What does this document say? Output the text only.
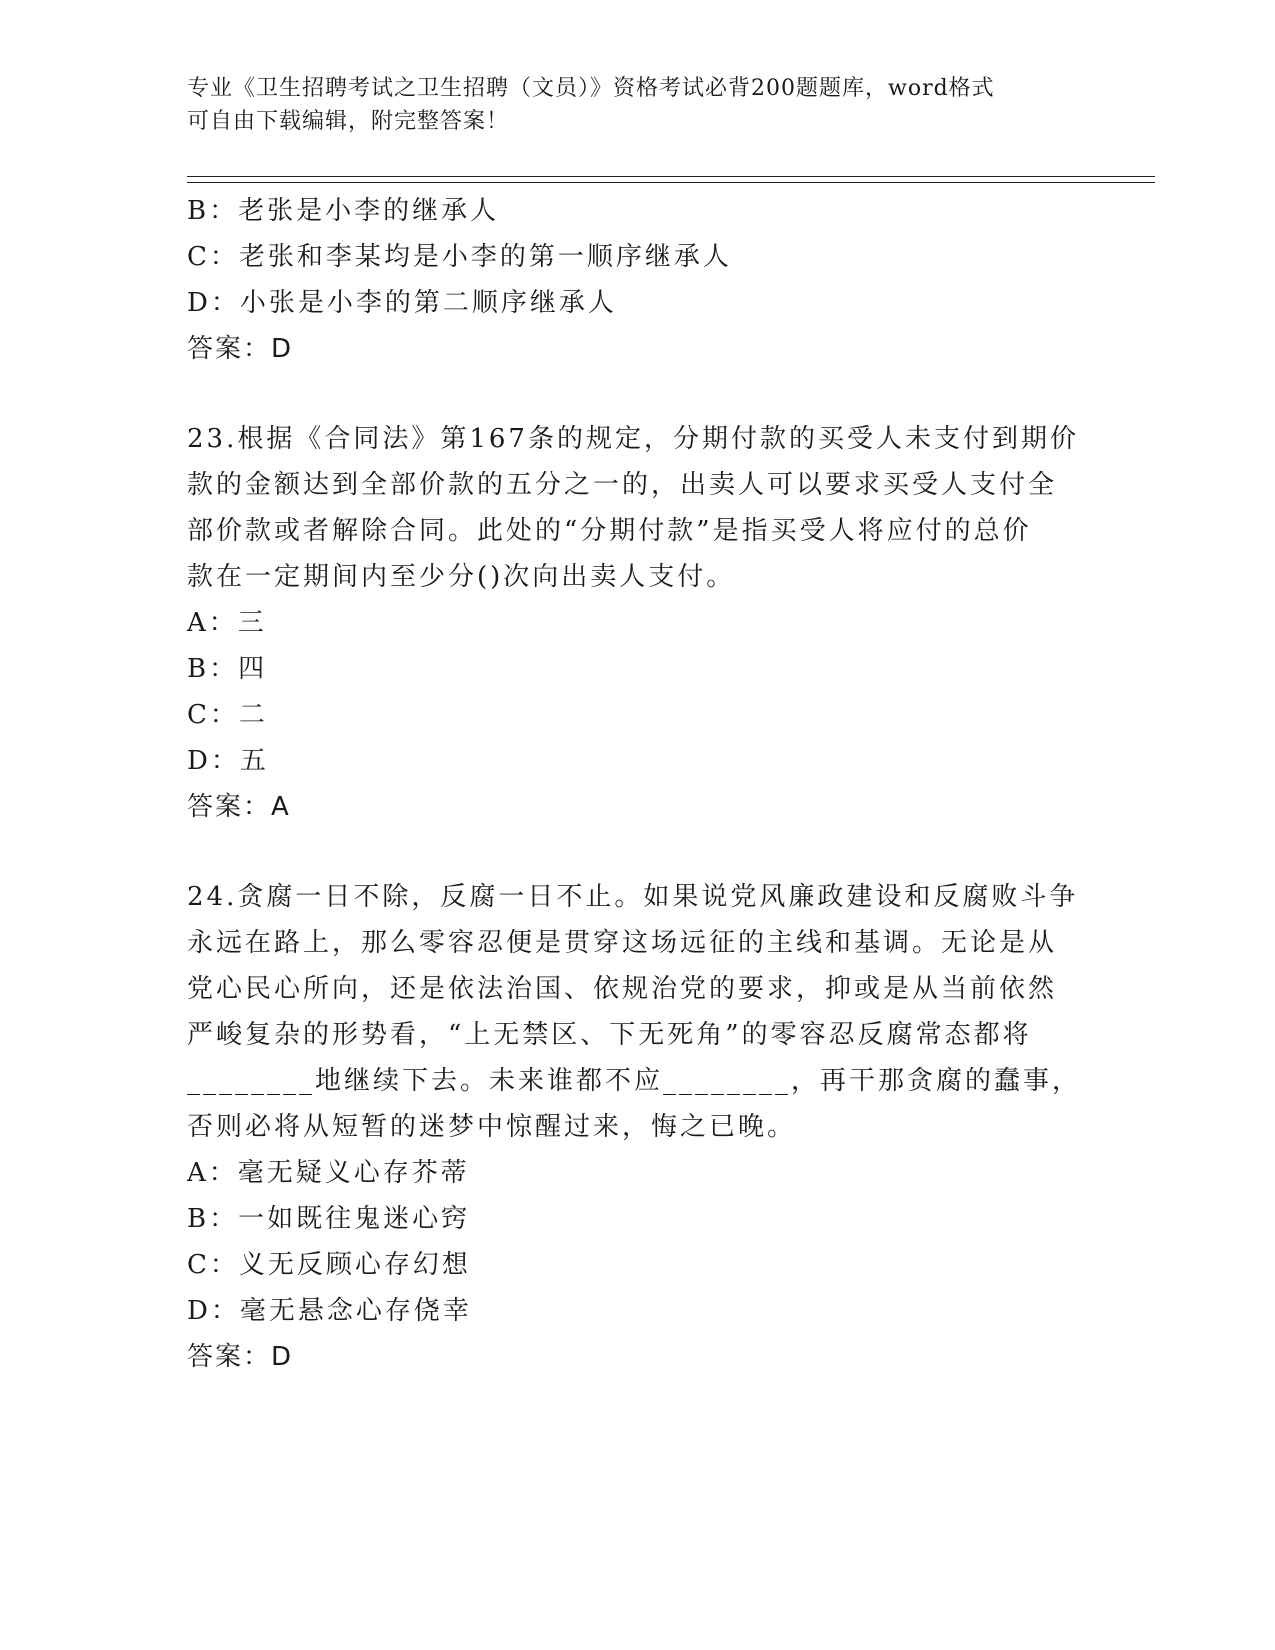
专业《卫生招聘考试之卫生招聘（文员）》资格考试必背200题题库，word格式
可自由下载编辑，附完整答案！
B：老张是小李的继承人
C：老张和李某均是小李的第一顺序继承人
D：小张是小李的第二顺序继承人
答案：D
23.根据《合同法》第167条的规定，分期付款的买受人未支付到期价
款的金额达到全部价款的五分之一的，出卖人可以要求买受人支付全
部价款或者解除合同。此处的“分期付款”是指买受人将应付的总价
款在一定期间内至少分()次向出卖人支付。
A：三
B：四
C：二
D：五
答案：A
24.贪腐一日不除，反腐一日不止。如果说党风廉政建设和反腐败斗争
永远在路上，那么零容忍便是贯穿这场远征的主线和基调。无论是从
党心民心所向，还是依法治国、依规治党的要求，抑或是从当前依然
严峻复杂的形势看，“上无禁区、下无死角”的零容忍反腐常态都将
________地继续下去。未来谁都不应________，再干那贪腐的蠢事，
否则必将从短暂的迷梦中惊醒过来，悔之已晚。
A：毫无疑义心存芥蒂
B：一如既往鬼迷心窍
C：义无反顾心存幻想
D：毫无悬念心存侥幸
答案：D
